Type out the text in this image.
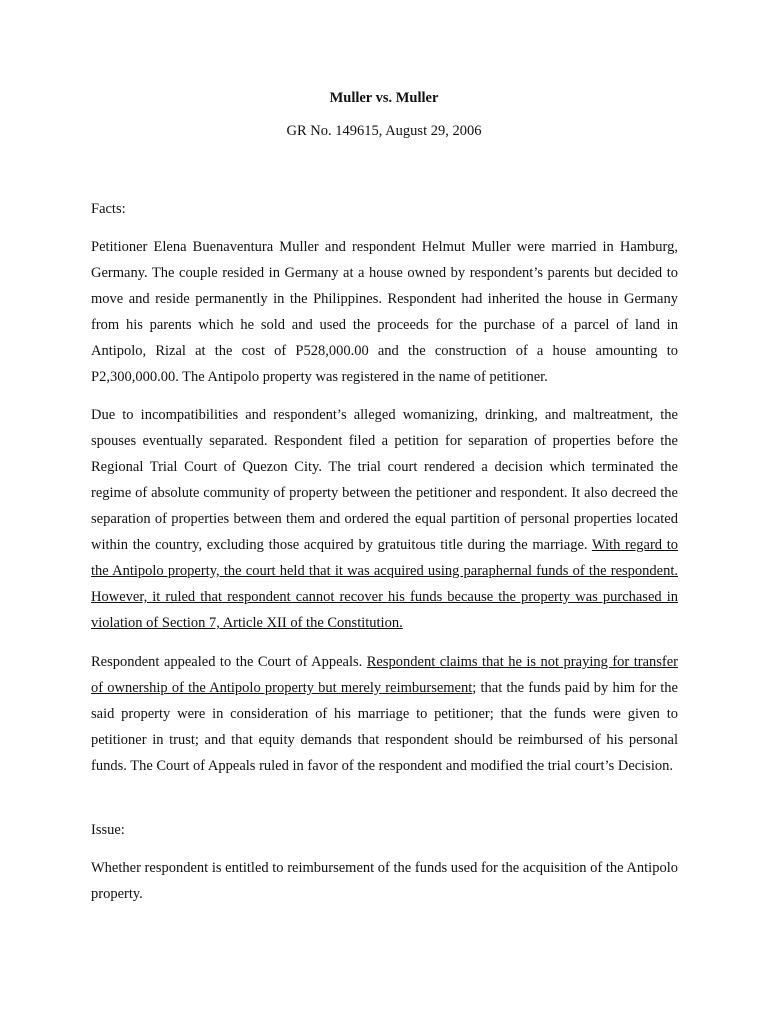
Muller vs. Muller
GR No. 149615, August 29, 2006
Facts:
Petitioner Elena Buenaventura Muller and respondent Helmut Muller were married in Hamburg, Germany. The couple resided in Germany at a house owned by respondent’s parents but decided to move and reside permanently in the Philippines. Respondent had inherited the house in Germany from his parents which he sold and used the proceeds for the purchase of a parcel of land in Antipolo, Rizal at the cost of P528,000.00 and the construction of a house amounting to P2,300,000.00. The Antipolo property was registered in the name of petitioner.
Due to incompatibilities and respondent’s alleged womanizing, drinking, and maltreatment, the spouses eventually separated. Respondent filed a petition for separation of properties before the Regional Trial Court of Quezon City. The trial court rendered a decision which terminated the regime of absolute community of property between the petitioner and respondent. It also decreed the separation of properties between them and ordered the equal partition of personal properties located within the country, excluding those acquired by gratuitous title during the marriage. With regard to the Antipolo property, the court held that it was acquired using paraphernal funds of the respondent. However, it ruled that respondent cannot recover his funds because the property was purchased in violation of Section 7, Article XII of the Constitution.
Respondent appealed to the Court of Appeals. Respondent claims that he is not praying for transfer of ownership of the Antipolo property but merely reimbursement; that the funds paid by him for the said property were in consideration of his marriage to petitioner; that the funds were given to petitioner in trust; and that equity demands that respondent should be reimbursed of his personal funds. The Court of Appeals ruled in favor of the respondent and modified the trial court’s Decision.
Issue:
Whether respondent is entitled to reimbursement of the funds used for the acquisition of the Antipolo property.
